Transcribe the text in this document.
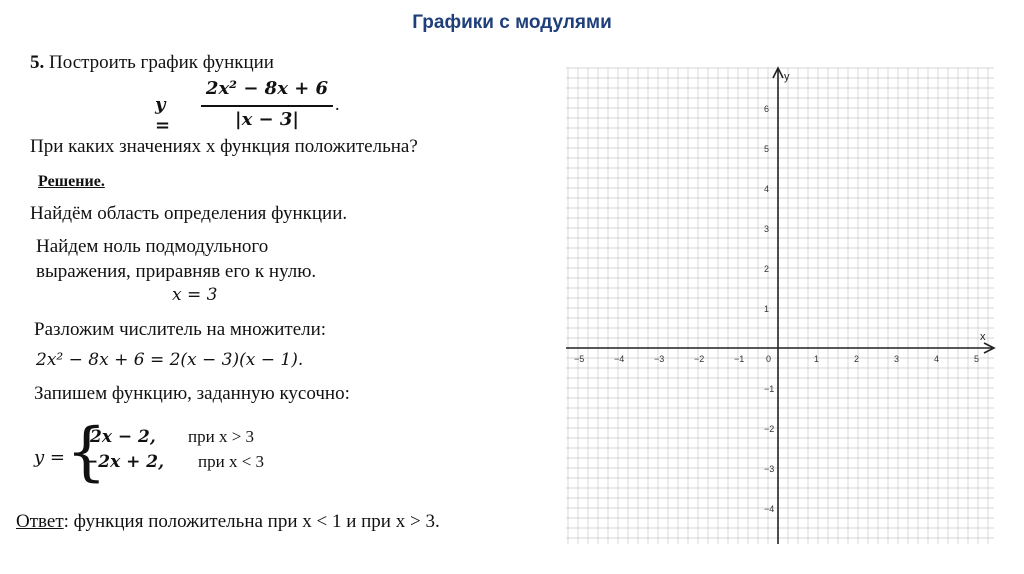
Графики с модулями
5. Построить график функции
y =
2x² − 8x + 6
|x − 3|
.
При каких значениях x функция положительна?
Решение.
Найдём область определения функции.
Найдем ноль подмодульного
выражения, приравняв его к нулю.
x = 3
Разложим числитель на множители:
2x² − 8x + 6 = 2(x − 3)(x − 1).
Запишем функцию, заданную кусочно:
y = {
2x − 2, при x > 3
−2x + 2, при x < 3
Ответ: функция положительна при x < 1 и при x > 3.
x
y
−5	−4	−3	−2	−1 0	1	2	3	4	5
6
5
4
3
2
1
−1
−2
−3
−4
